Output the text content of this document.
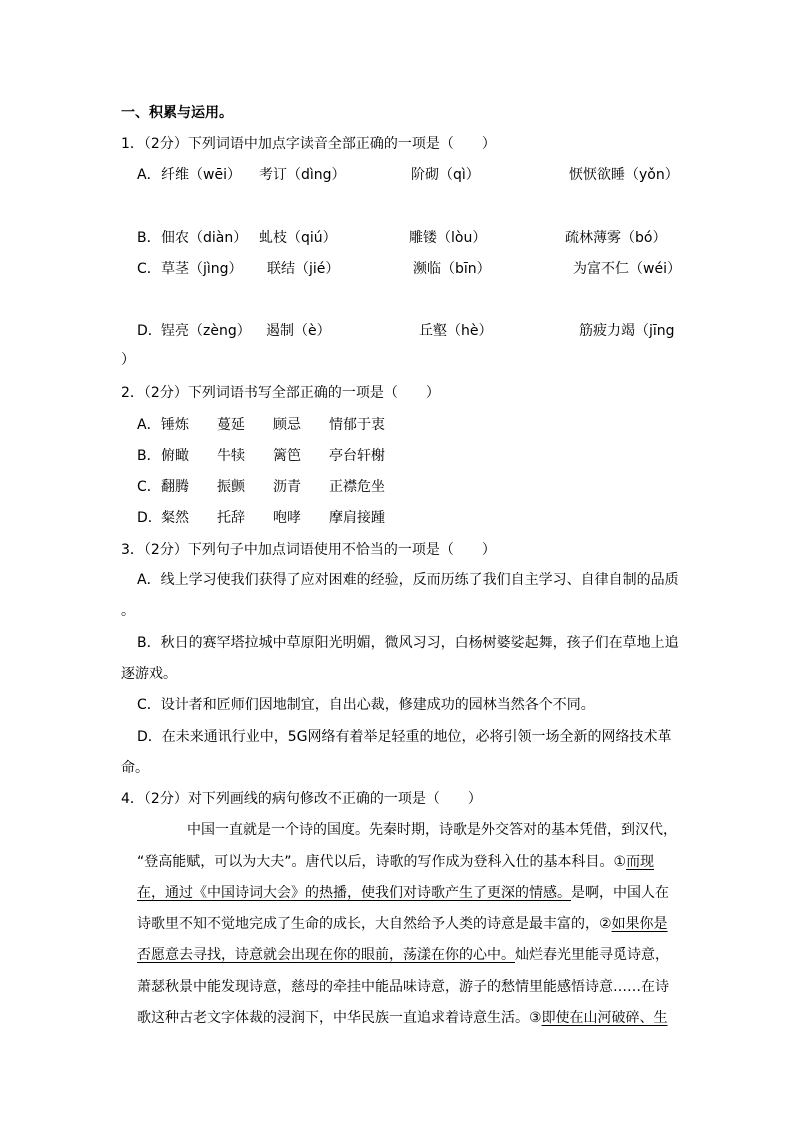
一、积累与运用。
1．（2分）下列词语中加点字读音全部正确的一项是（　　）
A． 纤维（wēi） 考订（dìng）	阶砌（qì）	恹恹欲睡（yǒn）
B． 佃农（diàn） 虬枝（qiú）	雕镂（lòu）	疏林薄雾（bó）
C． 草茎（jìng） 联结（jié）	濒临（bīn）	为富不仁（wéi）
D． 锃亮（zèng） 遏制（è）	丘壑（hè）	筋疲力竭（jīng
）
2．（2分）下列词语书写全部正确的一项是（　　）
A． 锤炼 蔓延 顾忌 情郁于衷
B． 俯瞰 牛犊 篱笆 亭台轩榭
C． 翻腾 振颤 沥青 正襟危坐
D． 粲然 托辞 咆哮 摩肩接踵
3．（2分）下列句子中加点词语使用不恰当的一项是（　　）
A．线上学习使我们获得了应对困难的经验，反而历练了我们自主学习、自律自制的品质
。
B．秋日的赛罕塔拉城中草原阳光明媚，微风习习，白杨树婆娑起舞，孩子们在草地上追
逐游戏。
C．设计者和匠师们因地制宜，自出心裁，修建成功的园林当然各个不同。
D．在未来通讯行业中，5G网络有着举足轻重的地位，必将引领一场全新的网络技术革
命。
4．（2分）对下列画线的病句修改不正确的一项是（　　）
中国一直就是一个诗的国度。先秦时期，诗歌是外交答对的基本凭借，到汉代，
“登高能赋，可以为大夫”。唐代以后，诗歌的写作成为登科入仕的基本科目。①而现
在，通过《中国诗词大会》的热播，使我们对诗歌产生了更深的情感。是啊，中国人在
诗歌里不知不觉地完成了生命的成长，大自然给予人类的诗意是最丰富的，②如果你是
否愿意去寻找，诗意就会出现在你的眼前，荡漾在你的心中。灿烂春光里能寻觅诗意，
萧瑟秋景中能发现诗意，慈母的牵挂中能品味诗意，游子的愁情里能感悟诗意……在诗
歌这种古老文字体裁的浸润下，中华民族一直追求着诗意生活。③即使在山河破碎、生
